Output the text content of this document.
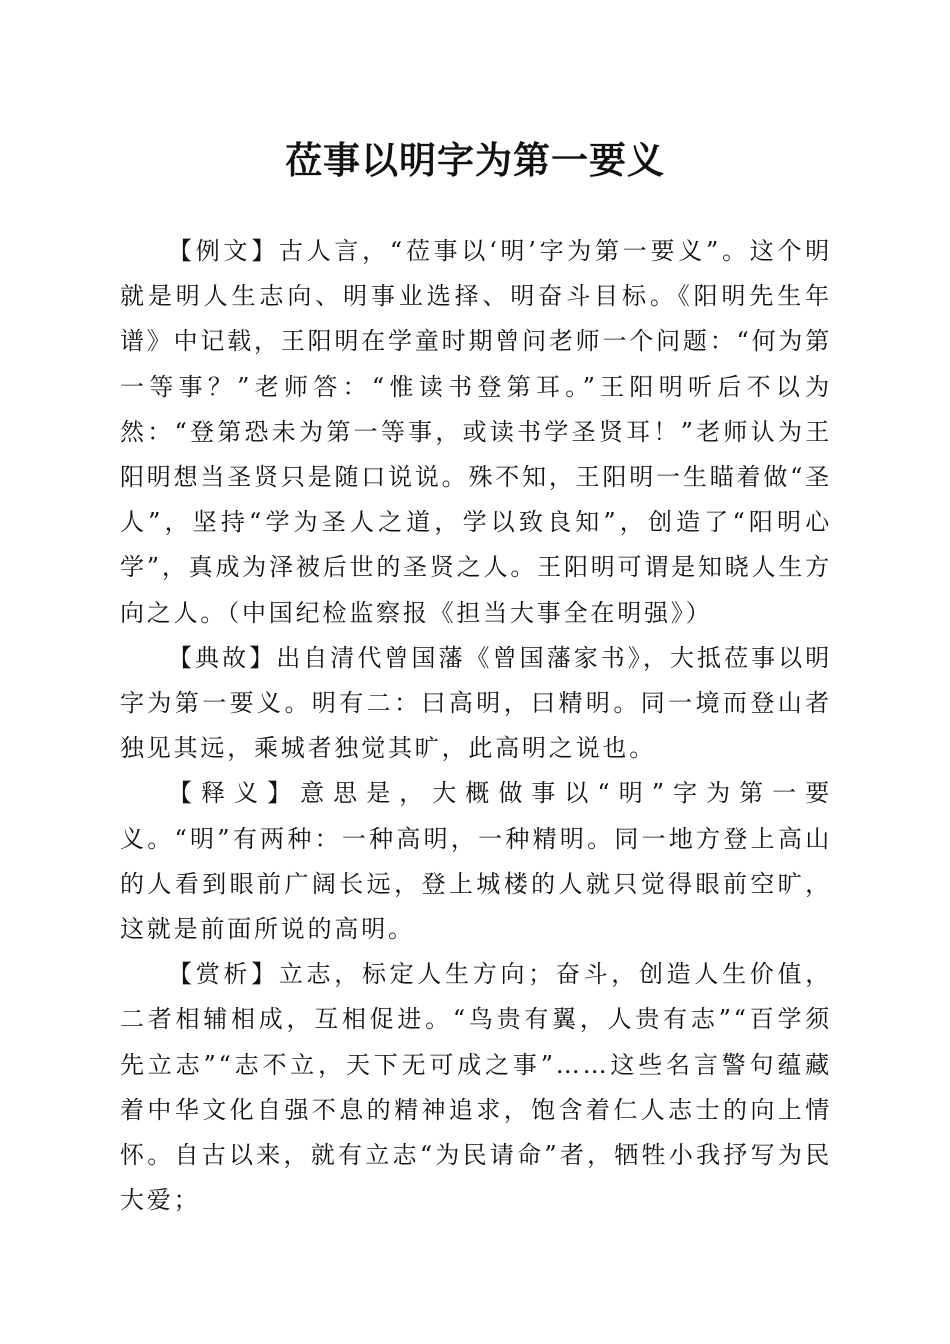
莅事以明字为第一要义

【例文】古人言，“莅事以‘明’字为第一要义”。这个明就是明人生志向、明事业选择、明奋斗目标。《阳明先生年谱》中记载，王阳明在学童时期曾问老师一个问题：“何为第一等事？”老师答：“惟读书登第耳。”王阳明听后不以为然：“登第恐未为第一等事，或读书学圣贤耳！”老师认为王阳明想当圣贤只是随口说说。殊不知，王阳明一生瞄着做“圣人”，坚持“学为圣人之道，学以致良知”，创造了“阳明心学”，真成为泽被后世的圣贤之人。王阳明可谓是知晓人生方向之人。（中国纪检监察报《担当大事全在明强》）

【典故】出自清代曾国藩《曾国藩家书》，大抵莅事以明字为第一要义。明有二：曰高明，曰精明。同一境而登山者独见其远，乘城者独觉其旷，此高明之说也。

【释义】意思是，大概做事以“明”字为第一要义。“明”有两种：一种高明，一种精明。同一地方登上高山的人看到眼前广阔长远，登上城楼的人就只觉得眼前空旷，这就是前面所说的高明。

【赏析】立志，标定人生方向；奋斗，创造人生价值，二者相辅相成，互相促进。“鸟贵有翼，人贵有志”“百学须先立志”“志不立，天下无可成之事”……这些名言警句蕴藏着中华文化自强不息的精神追求，饱含着仁人志士的向上情怀。自古以来，就有立志“为民请命”者，牺牲小我抒写为民大爱；
